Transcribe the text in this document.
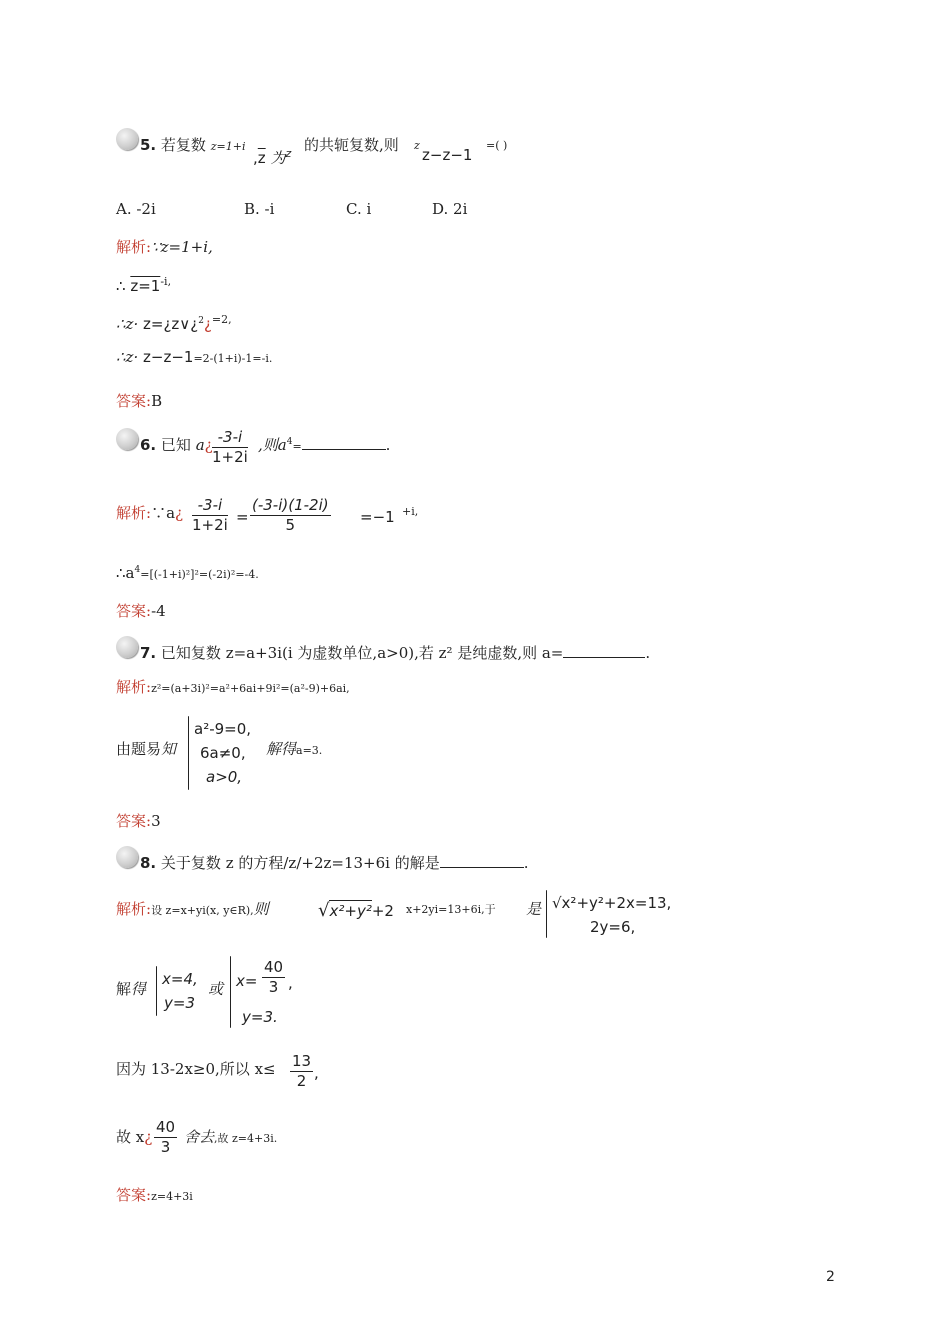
5. 若复数 z=1+i
$,\overline{z}$ 为$^z$ 的共轭复数,则 z
z−z−1
=( )
A. -2i	B. -i	C. i	D. 2i
解析:∵z=1+i,
∴ $z=1^{-i,}$
∴z· z=¿z∨¿$^2$¿$^{=2,}$
∴z· z−z−1=2-(1+i)-1=-i.
答案:B
6. 已知 a¿ $\frac{-3-i}{1+2i}$ ,则$a^4=$	.
解析:∵a¿ $\frac{-3-i}{1+2i} = \frac{(-3-i)(1-2i)}{5} =-1 +i$,
$\therefore a^4=[(-1+i)^2]^2=(-2i)^2=-4$.
答案:-4
7. 已知复数 z=a+3i(i 为虚数单位,a>0),若 z² 是纯虚数,则 a=	.
解析:z²=(a+3i)²=a²+6ai+9i²=(a²-9)+6ai,
由题易知
a²-9=0,
6a≠0,
a>0,
解得a=3.
答案:3
8. 关于复数 z 的方程/z/+2z=13+6i 的解是	.
解析:设 z=x+yi(x, y∈R),则	√x²+y²+2 x+2yi=13+6i,于 是 √x²+y²+2x=13,
2y=6,
解得
x=4,
y=3
或 $x= \frac{40}{3}$ ,
y=3.
因为 13-2x≥0,所以 $x\le \frac{13}{2}$ ,
故 x¿ $\frac{40}{3}$ 舍去,故 z=4+3i.
答案:z=4+3i
2
